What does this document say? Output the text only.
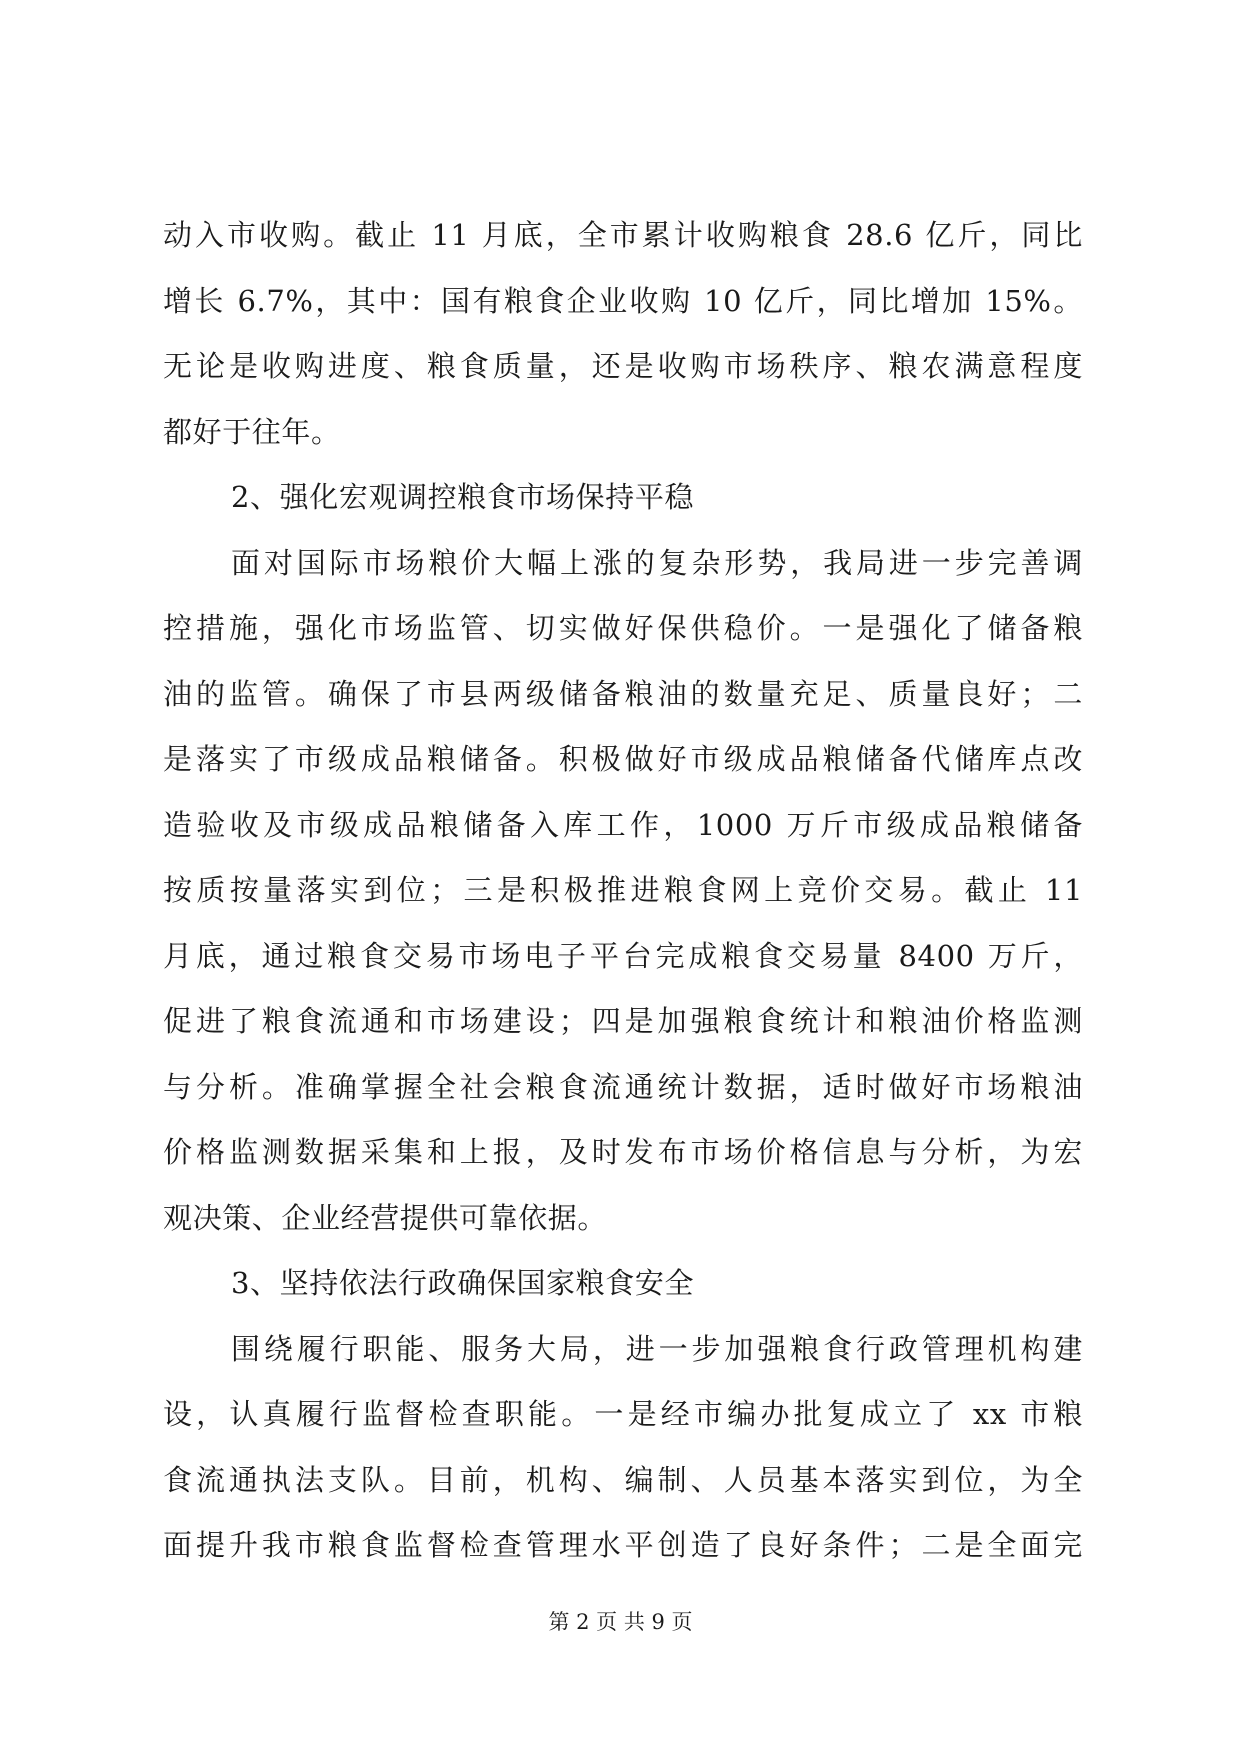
动入市收购。截止 11 月底，全市累计收购粮食 28.6 亿斤，同比
增长 6.7%，其中：国有粮食企业收购 10 亿斤，同比增加 15%。
无论是收购进度、粮食质量，还是收购市场秩序、粮农满意程度
都好于往年。
2、强化宏观调控粮食市场保持平稳
面对国际市场粮价大幅上涨的复杂形势，我局进一步完善调
控措施，强化市场监管、切实做好保供稳价。一是强化了储备粮
油的监管。确保了市县两级储备粮油的数量充足、质量良好；二
是落实了市级成品粮储备。积极做好市级成品粮储备代储库点改
造验收及市级成品粮储备入库工作，1000 万斤市级成品粮储备
按质按量落实到位；三是积极推进粮食网上竞价交易。截止 11
月底，通过粮食交易市场电子平台完成粮食交易量 8400 万斤，
促进了粮食流通和市场建设；四是加强粮食统计和粮油价格监测
与分析。准确掌握全社会粮食流通统计数据，适时做好市场粮油
价格监测数据采集和上报，及时发布市场价格信息与分析，为宏
观决策、企业经营提供可靠依据。
3、坚持依法行政确保国家粮食安全
围绕履行职能、服务大局，进一步加强粮食行政管理机构建
设，认真履行监督检查职能。一是经市编办批复成立了 xx 市粮
食流通执法支队。目前，机构、编制、人员基本落实到位，为全
面提升我市粮食监督检查管理水平创造了良好条件；二是全面完
第 2 页 共 9 页
